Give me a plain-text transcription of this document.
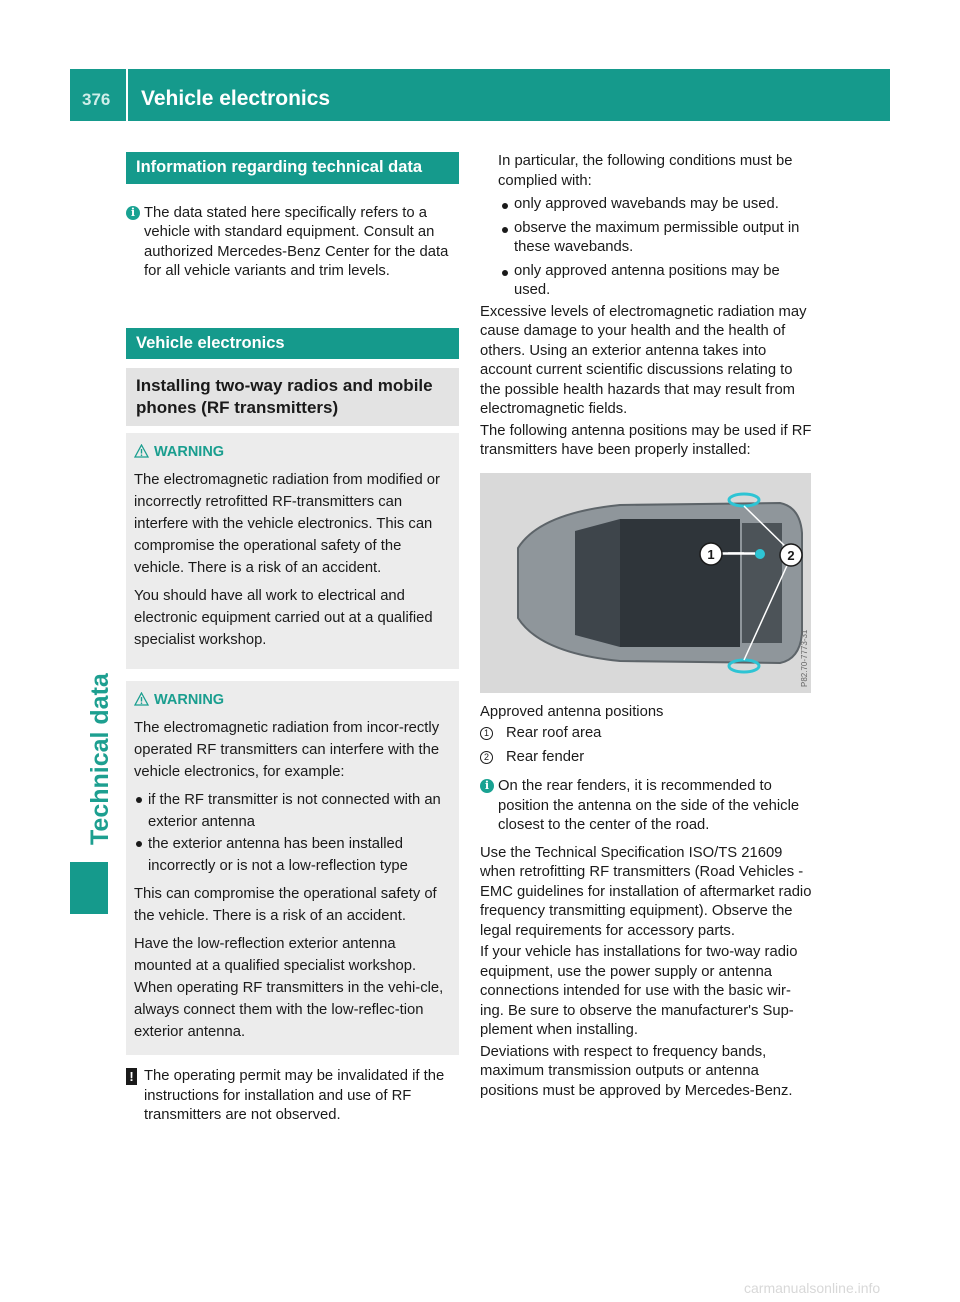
376 Vehicle electronics
Technical data
Information regarding technical data
i The data stated here specifically refers to a vehicle with standard equipment. Consult an authorized Mercedes-Benz Center for the data for all vehicle variants and trim levels.
Vehicle electronics
Installing two-way radios and mobile phones (RF transmitters)
WARNING

The electromagnetic radiation from modified or incorrectly retrofitted RF-transmitters can interfere with the vehicle electronics. This can compromise the operational safety of the vehicle. There is a risk of an accident.

You should have all work to electrical and electronic equipment carried out at a qualified specialist workshop.

WARNING

The electromagnetic radiation from incor-rectly operated RF transmitters can interfere with the vehicle electronics, for example:

if the RF transmitter is not connected with an exterior antenna
the exterior antenna has been installed incorrectly or is not a low-reflection type

This can compromise the operational safety of the vehicle. There is a risk of an accident.

Have the low-reflection exterior antenna mounted at a qualified specialist workshop. When operating RF transmitters in the vehi-cle, always connect them with the low-reflec-tion exterior antenna.

! The operating permit may be invalidated if the instructions for installation and use of RF transmitters are not observed.

In particular, the following conditions must be complied with:

only approved wavebands may be used.
observe the maximum permissible output in these wavebands.
only approved antenna positions may be used.

Excessive levels of electromagnetic radiation may cause damage to your health and the health of others. Using an exterior antenna takes into account current scientific discussions relating to the possible health hazards that may result from electromagnetic fields.

The following antenna positions may be used if RF transmitters have been properly installed:

1	2
P82.70-7773-31

Approved antenna positions

1 Rear roof area
2 Rear fender
i On the rear fenders, it is recommended to position the antenna on the side of the vehicle closest to the center of the road.

Use the Technical Specification ISO/TS 21609 when retrofitting RF transmitters (Road Vehicles - EMC guidelines for installation of aftermarket radio frequency transmitting equipment). Observe the legal requirements for accessory parts.

If your vehicle has installations for two-way radio equipment, use the power supply or antenna connections intended for use with the basic wir-ing. Be sure to observe the manufacturer's Sup-plement when installing.

Deviations with respect to frequency bands, maximum transmission outputs or antenna positions must be approved by Mercedes-Benz.

carmanualsonline.info
